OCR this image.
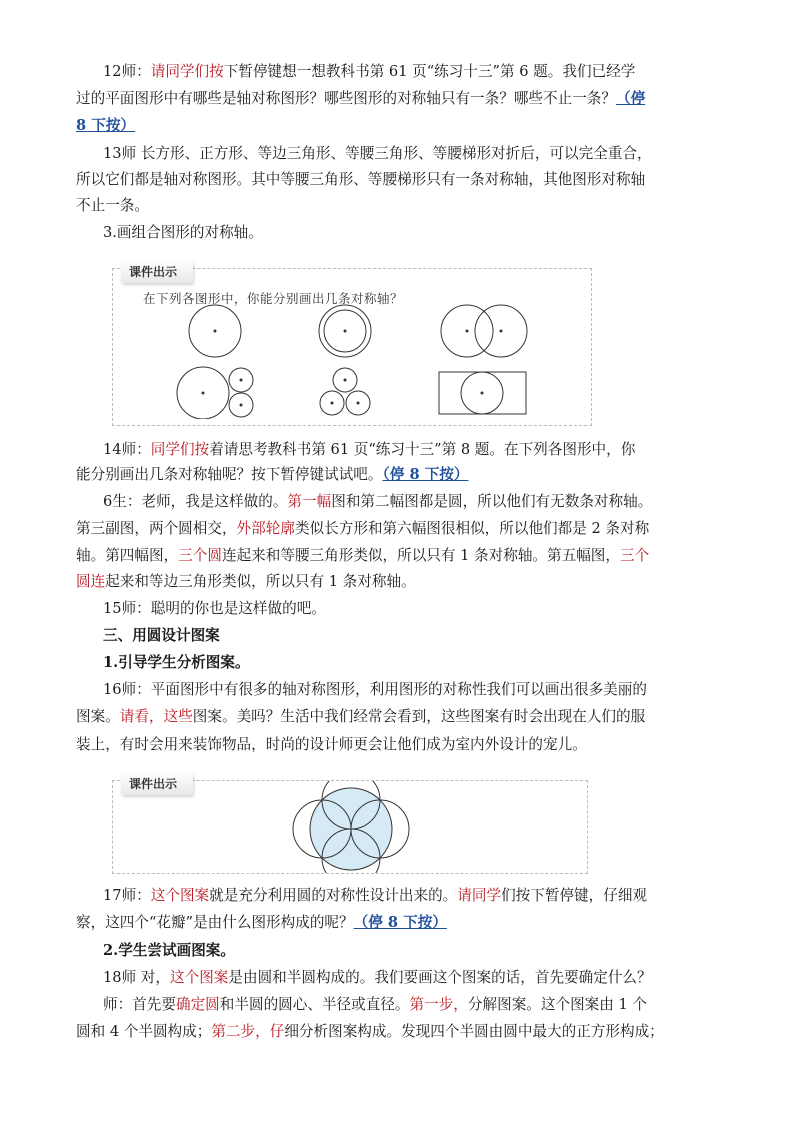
12师：请同学们按下暂停键想一想教科书第 61 页“练习十三”第 6 题。我们已经学
过的平面图形中有哪些是轴对称图形？哪些图形的对称轴只有一条？哪些不止一条？（停
8 下按）
13师 长方形、正方形、等边三角形、等腰三角形、等腰梯形对折后，可以完全重合，
所以它们都是轴对称图形。其中等腰三角形、等腰梯形只有一条对称轴，其他图形对称轴
不止一条。
3.画组合图形的对称轴。
课件出示
在下列各图形中，你能分别画出几条对称轴？
14师：同学们按着请思考教科书第 61 页“练习十三”第 8 题。在下列各图形中，你
能分别画出几条对称轴呢？按下暂停键试试吧。（停 8 下按）
6生：老师，我是这样做的。第一幅图和第二幅图都是圆，所以他们有无数条对称轴。
第三副图，两个圆相交，外部轮廓类似长方形和第六幅图很相似，所以他们都是 2 条对称
轴。第四幅图，三个圆连起来和等腰三角形类似，所以只有 1 条对称轴。第五幅图，三个
圆连起来和等边三角形类似，所以只有 1 条对称轴。
15师：聪明的你也是这样做的吧。
三、用圆设计图案
1.引导学生分析图案。
16师：平面图形中有很多的轴对称图形，利用图形的对称性我们可以画出很多美丽的
图案。请看，这些图案。美吗？生活中我们经常会看到，这些图案有时会出现在人们的服
装上，有时会用来装饰物品，时尚的设计师更会让他们成为室内外设计的宠儿。
课件出示
17师：这个图案就是充分利用圆的对称性设计出来的。请同学们按下暂停键，仔细观
察，这四个“花瓣”是由什么图形构成的呢？（停 8 下按）
2.学生尝试画图案。
18师 对，这个图案是由圆和半圆构成的。我们要画这个图案的话，首先要确定什么？
师：首先要确定圆和半圆的圆心、半径或直径。第一步，分解图案。这个图案由 1 个
圆和 4 个半圆构成；第二步，仔细分析图案构成。发现四个半圆由圆中最大的正方形构成；
